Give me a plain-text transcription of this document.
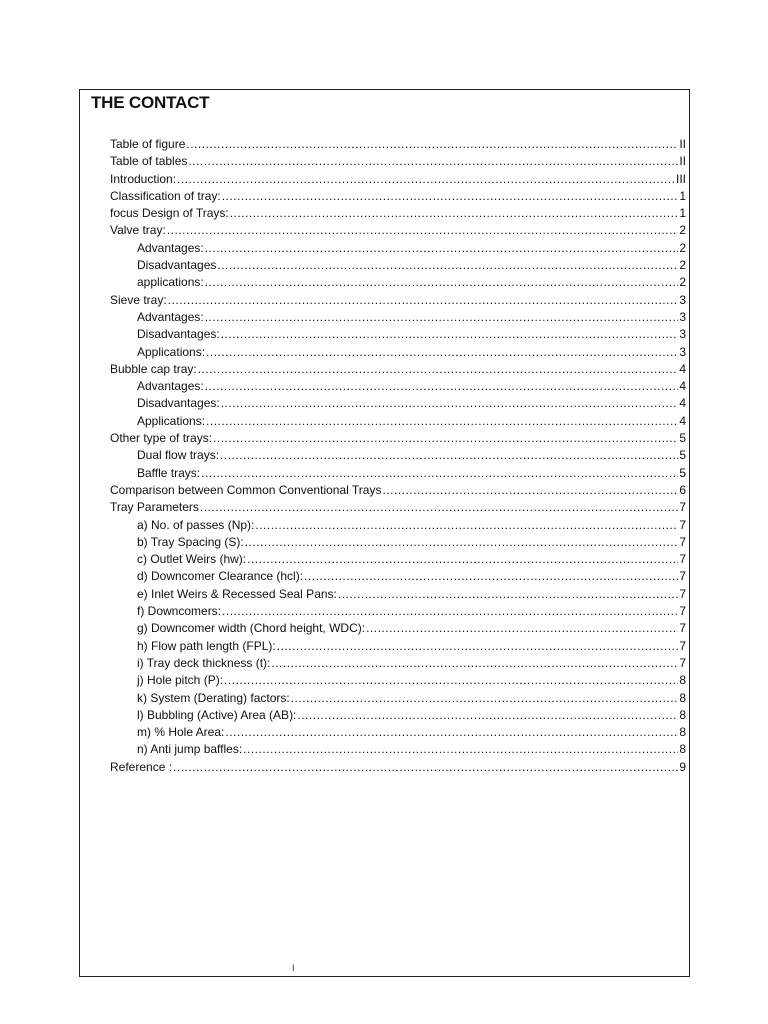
THE CONTACT
Table of figure .....	II
Table of tables .....	II
Introduction: .....	III
Classification of tray: .....	1
focus Design of Trays: .....	1
Valve tray: .....	2
Advantages: .....	2
Disadvantages .....	2
applications: .....	2
Sieve tray: .....	3
Advantages: .....	3
Disadvantages: .....	3
Applications: .....	3
Bubble cap tray: .....	4
Advantages: .....	4
Disadvantages: .....	4
Applications: .....	4
Other type of trays: .....	5
Dual flow trays: .....	5
Baffle trays: .....	5
Comparison between Common Conventional Trays .....	6
Tray Parameters .....	7
a) No. of passes (Np): .....	7
b) Tray Spacing (S): .....	7
c) Outlet Weirs (hw): .....	7
d) Downcomer Clearance (hcl): .....	7
e) Inlet Weirs & Recessed Seal Pans: .....	7
f) Downcomers: .....	7
g) Downcomer width (Chord height, WDC): .....	7
h) Flow path length (FPL): .....	7
i) Tray deck thickness (t): .....	7
j) Hole pitch (P): .....	8
k) System (Derating) factors: .....	8
l) Bubbling (Active) Area (AB): .....	8
m) % Hole Area: .....	8
n) Anti jump baffles: .....	8
Reference : .....	9
I
